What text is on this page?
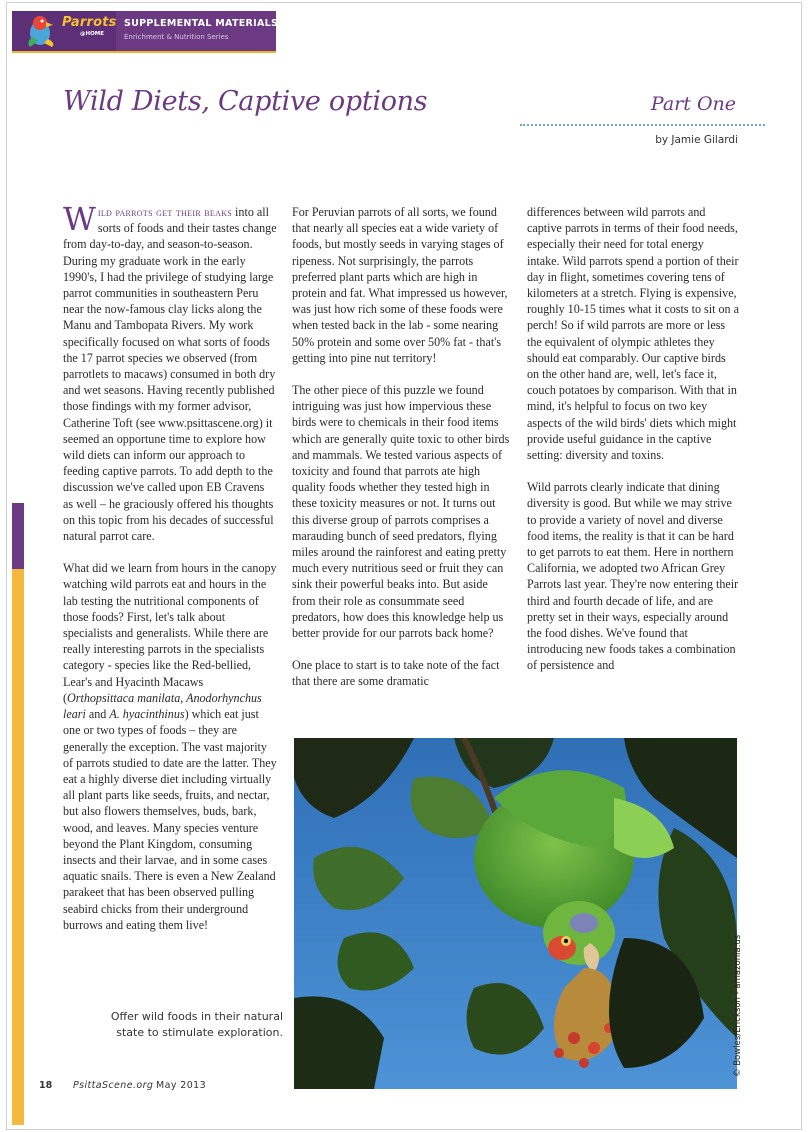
Parrots
@HOME
SUPPLEMENTAL MATERIALS
Enrichment & Nutrition Series
Wild Diets, Captive options	Part One
by Jamie Gilardi

Wild parrots get their beaks into all sorts of foods and their tastes change from day-to-day, and season-to-season. During my graduate work in the early 1990's, I had the privilege of studying large parrot communities in southeastern Peru near the now-famous clay licks along the Manu and Tambopata Rivers. My work specifically focused on what sorts of foods the 17 parrot species we observed (from parrotlets to macaws) consumed in both dry and wet seasons. Having recently published those findings with my former advisor, Catherine Toft (see www.psittascene.org) it seemed an opportune time to explore how wild diets can inform our approach to feeding captive parrots. To add depth to the discussion we've called upon EB Cravens as well – he graciously offered his thoughts on this topic from his decades of successful natural parrot care.

What did we learn from hours in the canopy watching wild parrots eat and hours in the lab testing the nutritional components of those foods? First, let's talk about specialists and generalists. While there are really interesting parrots in the specialists category - species like the Red-bellied, Lear's and Hyacinth Macaws (Orthopsittaca manilata, Anodorhynchus leari and A. hyacinthinus) which eat just one or two types of foods – they are generally the exception. The vast majority of parrots studied to date are the latter. They eat a highly diverse diet including virtually all plant parts like seeds, fruits, and nectar, but also flowers themselves, buds, bark, wood, and leaves. Many species venture beyond the Plant Kingdom, consuming insects and their larvae, and in some cases aquatic snails. There is even a New Zealand parakeet that has been observed pulling seabird chicks from their underground burrows and eating them live!

For Peruvian parrots of all sorts, we found that nearly all species eat a wide variety of foods, but mostly seeds in varying stages of ripeness. Not surprisingly, the parrots preferred plant parts which are high in protein and fat. What impressed us however, was just how rich some of these foods were when tested back in the lab - some nearing 50% protein and some over 50% fat - that's getting into pine nut territory!

The other piece of this puzzle we found intriguing was just how impervious these birds were to chemicals in their food items which are generally quite toxic to other birds and mammals. We tested various aspects of toxicity and found that parrots ate high quality foods whether they tested high in these toxicity measures or not. It turns out this diverse group of parrots comprises a marauding bunch of seed predators, flying miles around the rainforest and eating pretty much every nutritious seed or fruit they can sink their powerful beaks into. But aside from their role as consummate seed predators, how does this knowledge help us better provide for our parrots back home?

One place to start is to take note of the fact that there are some dramatic

differences between wild parrots and captive parrots in terms of their food needs, especially their need for total energy intake. Wild parrots spend a portion of their day in flight, sometimes covering tens of kilometers at a stretch. Flying is expensive, roughly 10-15 times what it costs to sit on a perch! So if wild parrots are more or less the equivalent of olympic athletes they should eat comparably. Our captive birds on the other hand are, well, let's face it, couch potatoes by comparison. With that in mind, it's helpful to focus on two key aspects of the wild birds' diets which might provide useful guidance in the captive setting: diversity and toxins.

Wild parrots clearly indicate that dining diversity is good. But while we may strive to provide a variety of novel and diverse food items, the reality is that it can be hard to get parrots to eat them. Here in northern California, we adopted two African Grey Parrots last year. They're now entering their third and fourth decade of life, and are pretty set in their ways, especially around the food dishes. We've found that introducing new foods takes a combination of persistence and

© Bowles/Erickson - amazonia.us
Offer wild foods in their natural state to stimulate exploration.
18 PsittaScene.org May 2013
